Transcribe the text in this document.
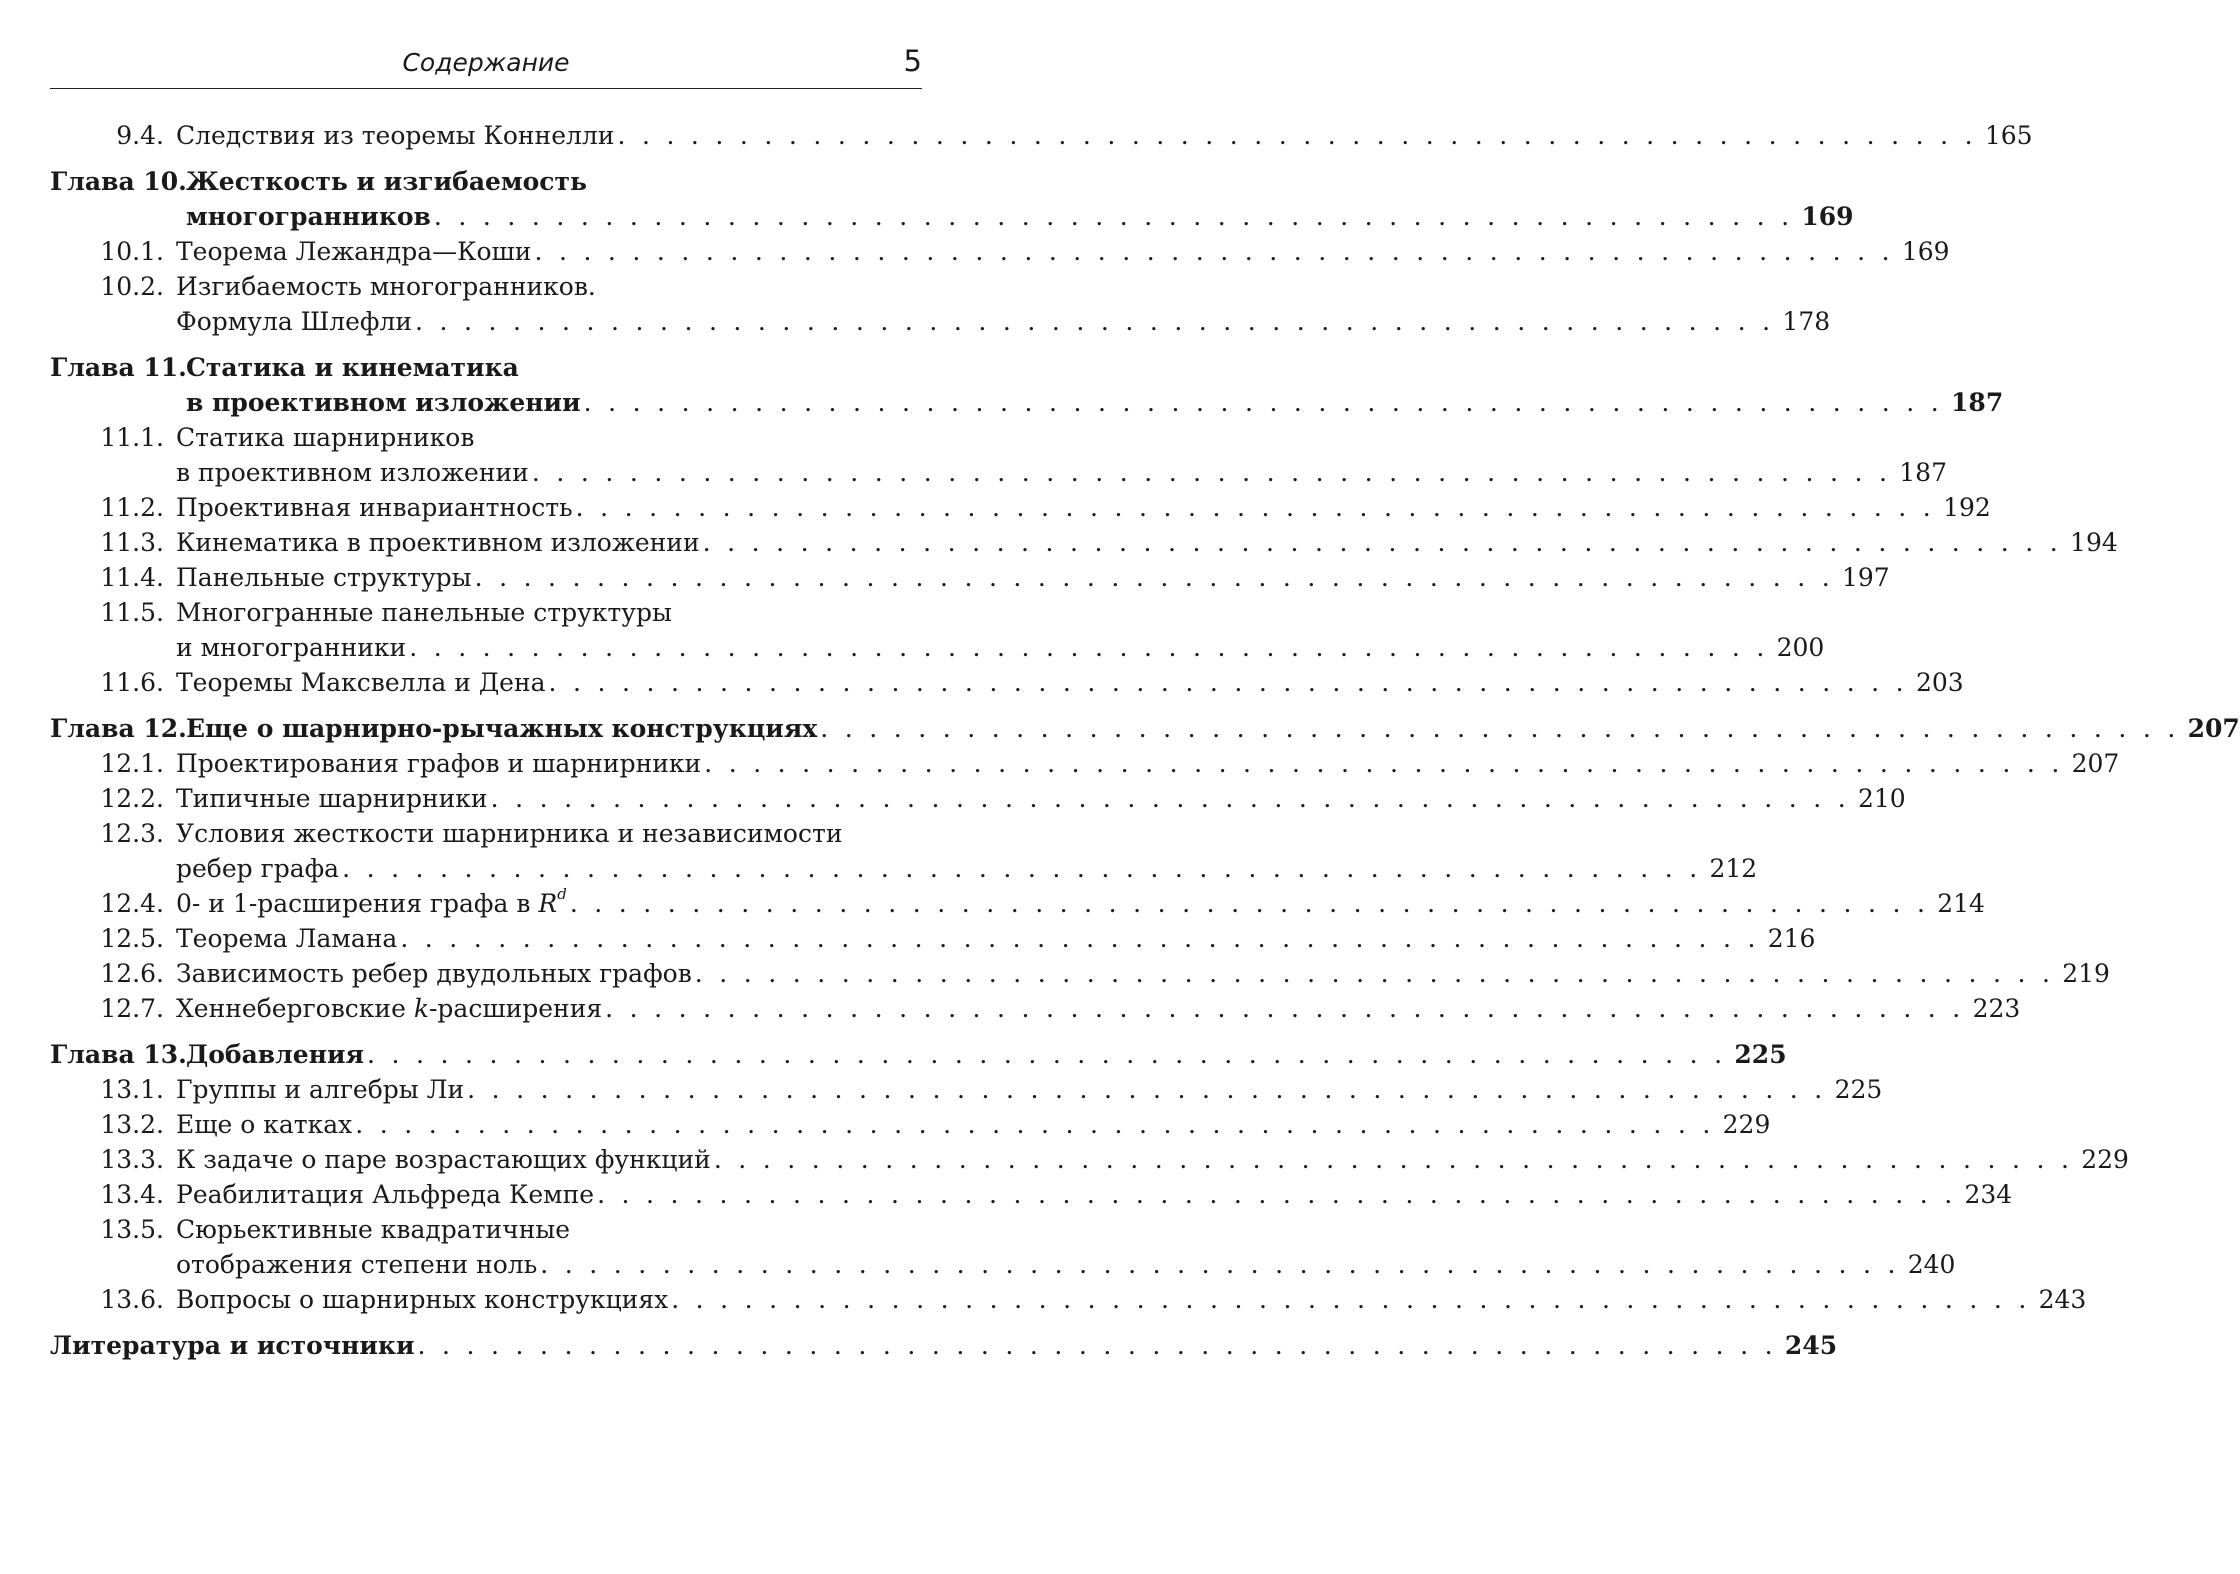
Содержание	5
9.4. Следствия из теоремы Коннелли . . . . . . . . . . . . . . . . . . . . . . . . . . . . . . . . . . . . . . . . . . . . . . . . . . . . . . . . 165
Глава 10. Жесткость и изгибаемость
многогранников . . . . . . . . . . . . . . . . . . . . . . . . . . . . . . . . . . . . . . . . . . . . . . . . . . . . . . . . 169
10.1. Теорема Лежандра—Коши . . . . . . . . . . . . . . . . . . . . . . . . . . . . . . . . . . . . . . . . . . . . . . . . . . . . . . . . 169
10.2. Изгибаемость многогранников.
Формула Шлефли . . . . . . . . . . . . . . . . . . . . . . . . . . . . . . . . . . . . . . . . . . . . . . . . . . . . . . . . 178
Глава 11. Статика и кинематика
в проективном изложении . . . . . . . . . . . . . . . . . . . . . . . . . . . . . . . . . . . . . . . . . . . . . . . . . . . . . . . . 187
11.1. Статика шарнирников
в проективном изложении . . . . . . . . . . . . . . . . . . . . . . . . . . . . . . . . . . . . . . . . . . . . . . . . . . . . . . . . 187
11.2. Проективная инвариантность . . . . . . . . . . . . . . . . . . . . . . . . . . . . . . . . . . . . . . . . . . . . . . . . . . . . . . . . 192
11.3. Кинематика в проективном изложении . . . . . . . . . . . . . . . . . . . . . . . . . . . . . . . . . . . . . . . . . . . . . . . . . . . . . . . . 194
11.4. Панельные структуры . . . . . . . . . . . . . . . . . . . . . . . . . . . . . . . . . . . . . . . . . . . . . . . . . . . . . . . . 197
11.5. Многогранные панельные структуры
и многогранники . . . . . . . . . . . . . . . . . . . . . . . . . . . . . . . . . . . . . . . . . . . . . . . . . . . . . . . . 200
11.6. Теоремы Максвелла и Дена . . . . . . . . . . . . . . . . . . . . . . . . . . . . . . . . . . . . . . . . . . . . . . . . . . . . . . . . 203
Глава 12. Еще о шарнирно-рычажных конструкциях . . . . . . . . . . . . . . . . . . . . . . . . . . . . . . . . . . . . . . . . . . . . . . . . . . . . . . . . 207
12.1. Проектирования графов и шарнирники . . . . . . . . . . . . . . . . . . . . . . . . . . . . . . . . . . . . . . . . . . . . . . . . . . . . . . . . 207
12.2. Типичные шарнирники . . . . . . . . . . . . . . . . . . . . . . . . . . . . . . . . . . . . . . . . . . . . . . . . . . . . . . . . 210
12.3. Условия жесткости шарнирника и независимости
ребер графа . . . . . . . . . . . . . . . . . . . . . . . . . . . . . . . . . . . . . . . . . . . . . . . . . . . . . . . . 212
12.4. 0- и 1-расширения графа в $R^d$ . . . . . . . . . . . . . . . . . . . . . . . . . . . . . . . . . . . . . . . . . . . . . . . . . . . . . . . . 214
12.5. Теорема Ламана . . . . . . . . . . . . . . . . . . . . . . . . . . . . . . . . . . . . . . . . . . . . . . . . . . . . . . . . 216
12.6. Зависимость ребер двудольных графов . . . . . . . . . . . . . . . . . . . . . . . . . . . . . . . . . . . . . . . . . . . . . . . . . . . . . . . . 219
12.7. Хеннеберговские k-расширения . . . . . . . . . . . . . . . . . . . . . . . . . . . . . . . . . . . . . . . . . . . . . . . . . . . . . . . . 223
Глава 13. Добавления . . . . . . . . . . . . . . . . . . . . . . . . . . . . . . . . . . . . . . . . . . . . . . . . . . . . . . . . 225
13.1. Группы и алгебры Ли . . . . . . . . . . . . . . . . . . . . . . . . . . . . . . . . . . . . . . . . . . . . . . . . . . . . . . . . 225
13.2. Еще о катках . . . . . . . . . . . . . . . . . . . . . . . . . . . . . . . . . . . . . . . . . . . . . . . . . . . . . . . . 229
13.3. К задаче о паре возрастающих функций . . . . . . . . . . . . . . . . . . . . . . . . . . . . . . . . . . . . . . . . . . . . . . . . . . . . . . . . 229
13.4. Реабилитация Альфреда Кемпе . . . . . . . . . . . . . . . . . . . . . . . . . . . . . . . . . . . . . . . . . . . . . . . . . . . . . . . . 234
13.5. Сюрьективные квадратичные
отображения степени ноль . . . . . . . . . . . . . . . . . . . . . . . . . . . . . . . . . . . . . . . . . . . . . . . . . . . . . . . . 240
13.6. Вопросы о шарнирных конструкциях . . . . . . . . . . . . . . . . . . . . . . . . . . . . . . . . . . . . . . . . . . . . . . . . . . . . . . . . 243
Литература и источники . . . . . . . . . . . . . . . . . . . . . . . . . . . . . . . . . . . . . . . . . . . . . . . . . . . . . . . . 245
